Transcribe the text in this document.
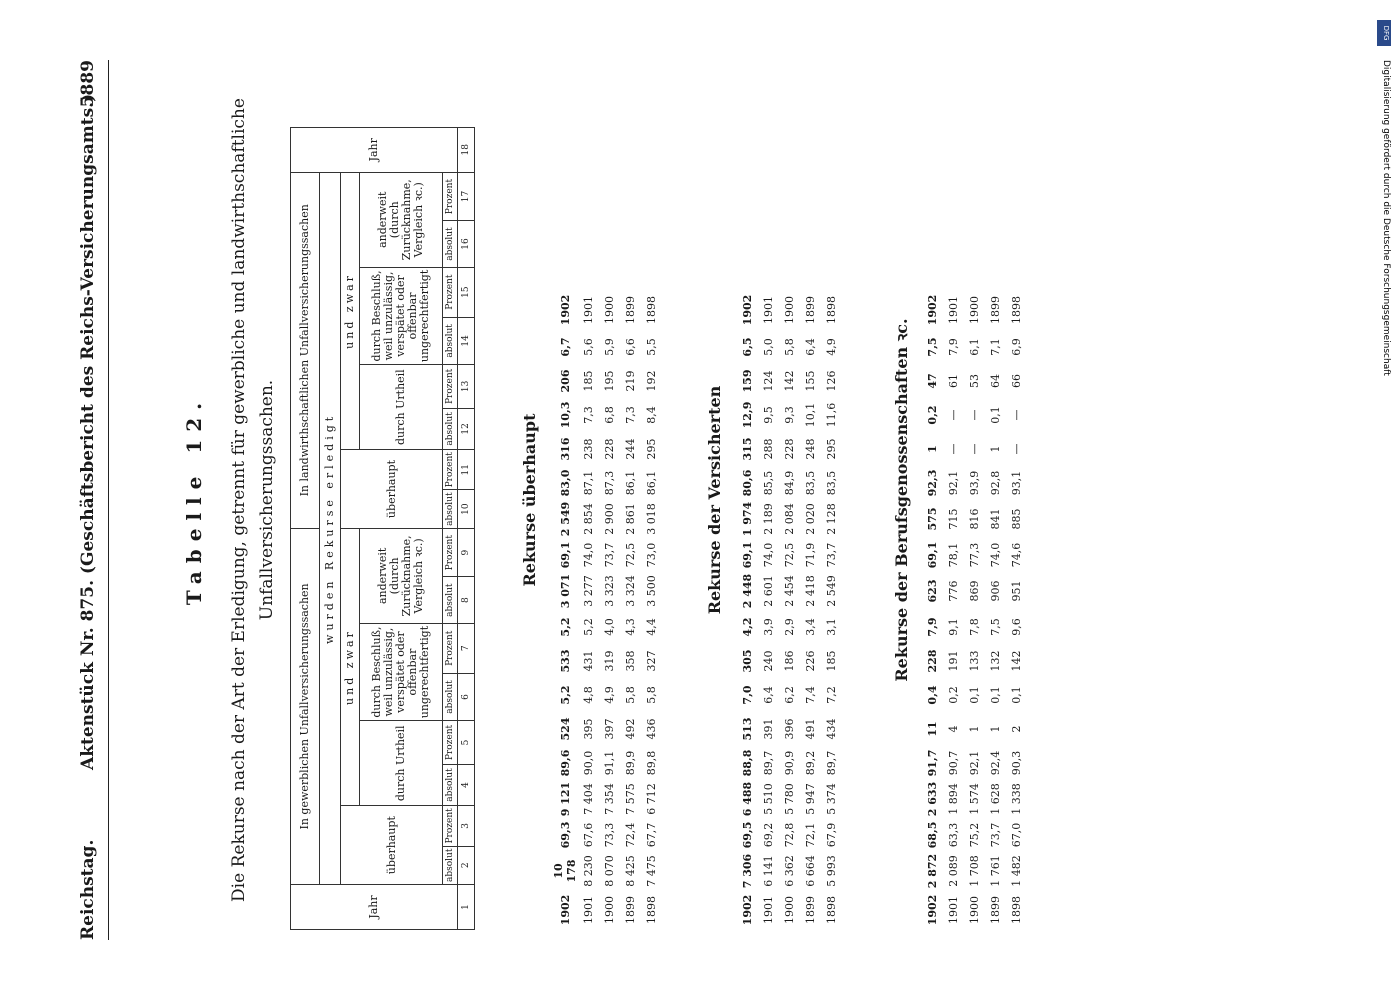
Reichstag.
Aktenstück Nr. 875. (Geschäftsbericht des Reichs-Versicherungsamts.)
5889
Tabelle 12. Die Rekurse nach der Art der Erledigung, getrennt für gewerbliche und landwirthschaftliche Unfallversicherungssachen.
Jahr	In gewerblichen Unfallversicherungssachen								In landwirthschaftlichen Unfallversicherungssachen								Jahr
	wurden Rekurse erledigt																
	überhaupt		und zwar						überhaupt		und zwar						
			durch Urtheil		durch Beschluß, weil unzulässig, verspätet oder offenbar ungerechtfertigt		anderweit (durch Zurücknahme, Vergleich ꝛc.)				durch Urtheil		durch Beschluß, weil unzulässig, verspätet oder offenbar ungerechtfertigt		anderweit (durch Zurücknahme, Vergleich ꝛc.)		
	absolut	Prozent	absolut	Prozent	absolut	Prozent	absolut	Prozent	absolut	Prozent	absolut	Prozent	absolut	Prozent	absolut	Prozent	
1	2	3	4	5	6	7	8	9	10	11	12	13	14	15	16	17	18
Rekurse überhaupt
1902	10 178	69,3	9 121	89,6	524	5,2	533	5,2	3 071	69,1	2 549	83,0	316	10,3	206	6,7	1902
1901	8 230	67,6	7 404	90,0	395	4,8	431	5,2	3 277	74,0	2 854	87,1	238	7,3	185	5,6	1901
1900	8 070	73,3	7 354	91,1	397	4,9	319	4,0	3 323	73,7	2 900	87,3	228	6,8	195	5,9	1900
1899	8 425	72,4	7 575	89,9	492	5,8	358	4,3	3 324	72,5	2 861	86,1	244	7,3	219	6,6	1899
1898	7 475	67,7	6 712	89,8	436	5,8	327	4,4	3 500	73,0	3 018	86,1	295	8,4	192	5,5	1898
Rekurse der Versicherten
1902	7 306	69,5	6 488	88,8	513	7,0	305	4,2	2 448	69,1	1 974	80,6	315	12,9	159	6,5	1902
1901	6 141	69,2	5 510	89,7	391	6,4	240	3,9	2 601	74,0	2 189	85,5	288	9,5	124	5,0	1901
1900	6 362	72,8	5 780	90,9	396	6,2	186	2,9	2 454	72,5	2 084	84,9	228	9,3	142	5,8	1900
1899	6 664	72,1	5 947	89,2	491	7,4	226	3,4	2 418	71,9	2 020	83,5	248	10,1	155	6,4	1899
1898	5 993	67,9	5 374	89,7	434	7,2	185	3,1	2 549	73,7	2 128	83,5	295	11,6	126	4,9	1898
Rekurse der Berufsgenossenschaften ꝛc.
1902	2 872	68,5	2 633	91,7	11	0,4	228	7,9	623	69,1	575	92,3	1	0,2	47	7,5	1902
1901	2 089	63,3	1 894	90,7	4	0,2	191	9,1	776	78,1	715	92,1	—	—	61	7,9	1901
1900	1 708	75,2	1 574	92,1	1	0,1	133	7,8	869	77,3	816	93,9	—	—	53	6,1	1900
1899	1 761	73,7	1 628	92,4	1	0,1	132	7,5	906	74,0	841	92,8	1	0,1	64	7,1	1899
1898	1 482	67,0	1 338	90,3	2	0,1	142	9,6	951	74,6	885	93,1	—	—	66	6,9	1898
DFG
Digitalisierung gefördert durch die Deutsche Forschungsgemeinschaft
